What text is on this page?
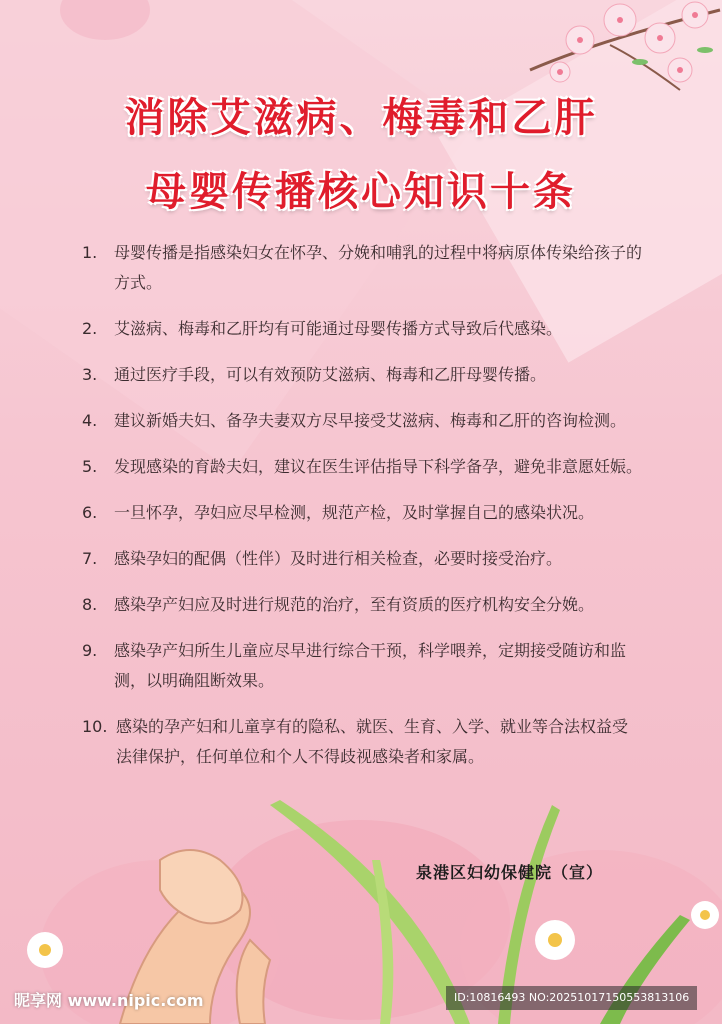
消除艾滋病、梅毒和乙肝
母婴传播核心知识十条
1.	母婴传播是指感染妇女在怀孕、分娩和哺乳的过程中将病原体传染给孩子的方式。
2.	艾滋病、梅毒和乙肝均有可能通过母婴传播方式导致后代感染。
3.	通过医疗手段，可以有效预防艾滋病、梅毒和乙肝母婴传播。
4.	建议新婚夫妇、备孕夫妻双方尽早接受艾滋病、梅毒和乙肝的咨询检测。
5.	发现感染的育龄夫妇，建议在医生评估指导下科学备孕，避免非意愿妊娠。
6.	一旦怀孕，孕妇应尽早检测，规范产检，及时掌握自己的感染状况。
7.	感染孕妇的配偶（性伴）及时进行相关检查，必要时接受治疗。
8.	感染孕产妇应及时进行规范的治疗，至有资质的医疗机构安全分娩。
9.	感染孕产妇所生儿童应尽早进行综合干预，科学喂养，定期接受随访和监测，以明确阻断效果。
10. 感染的孕产妇和儿童享有的隐私、就医、生育、入学、就业等合法权益受法律保护，任何单位和个人不得歧视感染者和家属。
泉港区妇幼保健院（宣）
昵享网 www.nipic.com	ID:10816493 NO:20251017150553813106
